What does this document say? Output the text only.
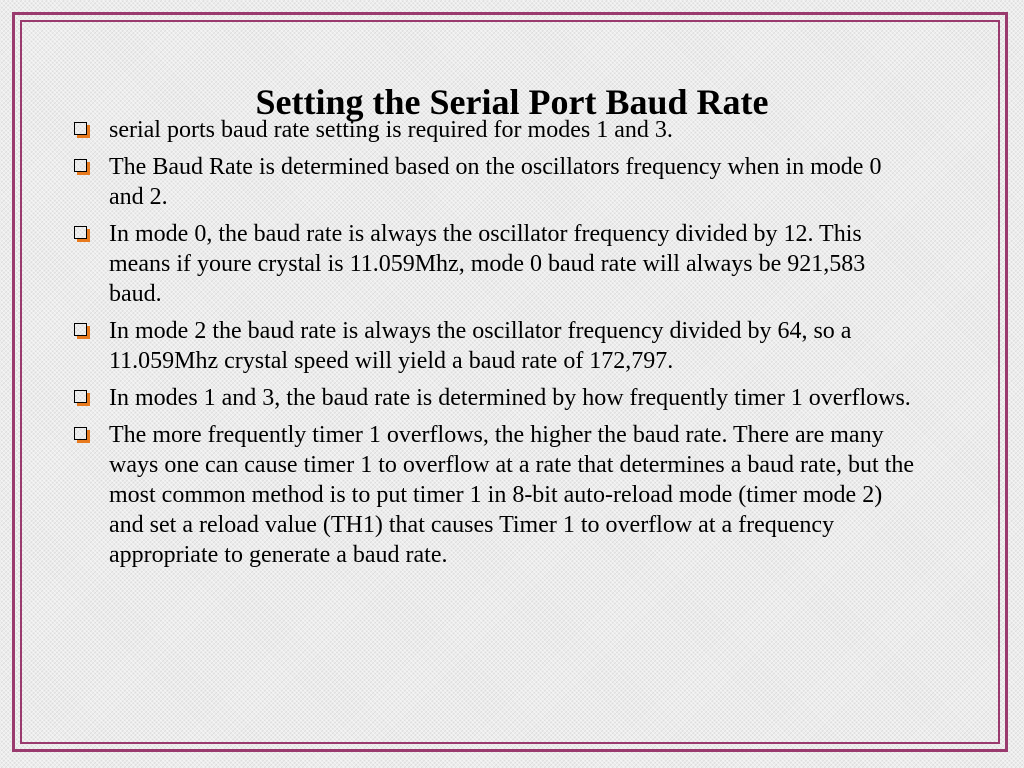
Setting the Serial Port Baud Rate
serial ports baud rate setting is required for modes 1 and 3.
The Baud Rate is determined based on the oscillators frequency when in mode 0 and 2.
In mode 0, the baud rate is always the oscillator frequency divided by 12. This means if youre crystal is 11.059Mhz, mode 0 baud rate will always be 921,583 baud.
In mode 2 the baud rate is always the oscillator frequency divided by 64, so a 11.059Mhz crystal speed will yield a baud rate of 172,797.
In modes 1 and 3, the baud rate is determined by how frequently timer 1 overflows.
The more frequently timer 1 overflows, the higher the baud rate. There are many ways one can cause timer 1 to overflow at a rate that determines a baud rate, but the most common method is to put timer 1 in 8-bit auto-reload mode (timer mode 2) and set a reload value (TH1) that causes Timer 1 to overflow at a frequency appropriate to generate a baud rate.
